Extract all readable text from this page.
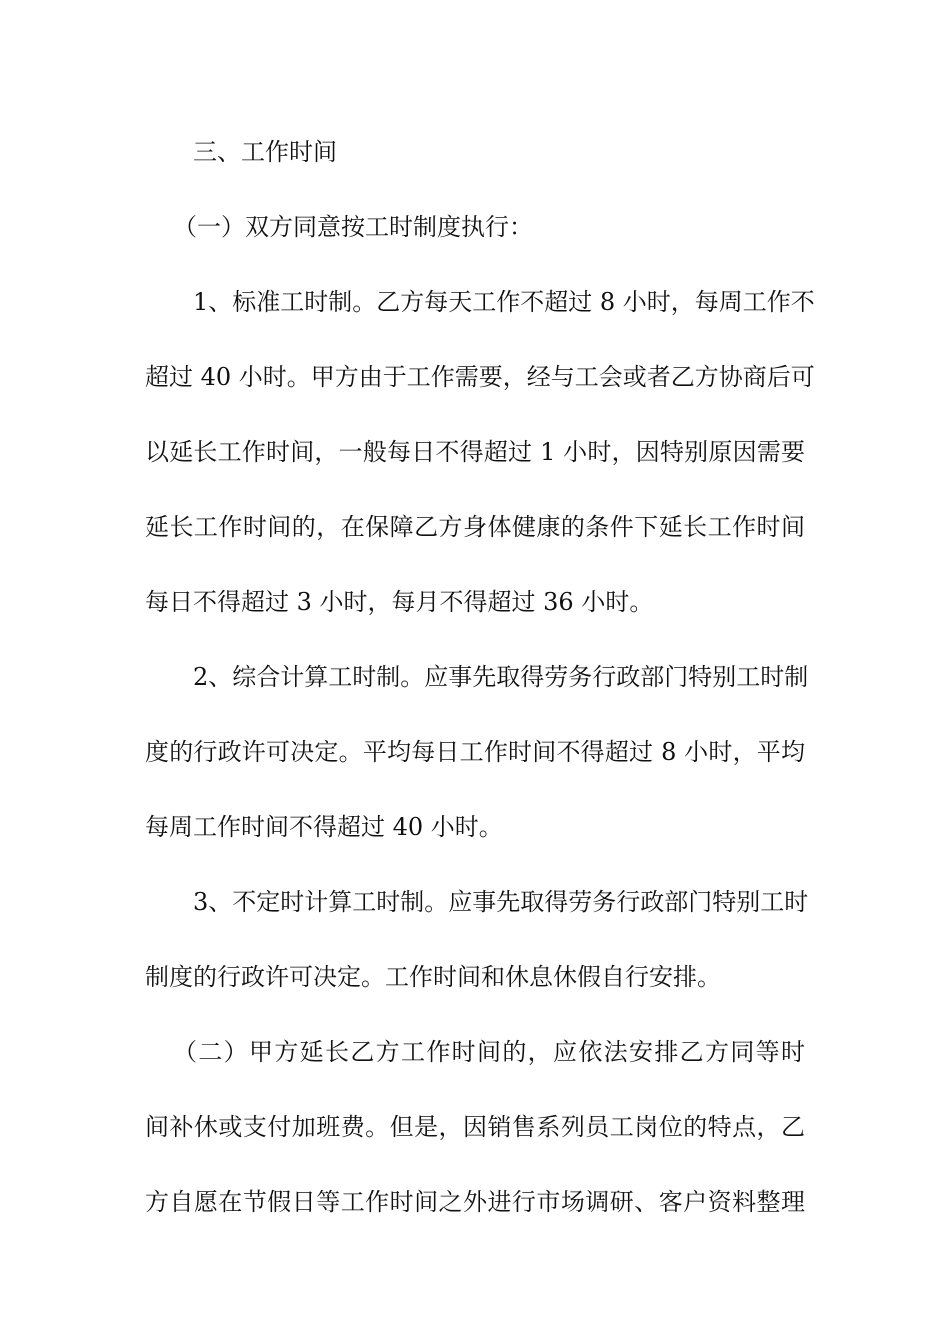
三、工作时间
（一）双方同意按工时制度执行：
1、标准工时制。乙方每天工作不超过 8 小时，每周工作不
超过 40 小时。甲方由于工作需要，经与工会或者乙方协商后可
以延长工作时间，一般每日不得超过 1 小时，因特别原因需要
延长工作时间的，在保障乙方身体健康的条件下延长工作时间
每日不得超过 3 小时，每月不得超过 36 小时。
2、综合计算工时制。应事先取得劳务行政部门特别工时制
度的行政许可决定。平均每日工作时间不得超过 8 小时，平均
每周工作时间不得超过 40 小时。
3、不定时计算工时制。应事先取得劳务行政部门特别工时
制度的行政许可决定。工作时间和休息休假自行安排。
（二）甲方延长乙方工作时间的，应依法安排乙方同等时
间补休或支付加班费。但是，因销售系列员工岗位的特点，乙
方自愿在节假日等工作时间之外进行市场调研、客户资料整理
